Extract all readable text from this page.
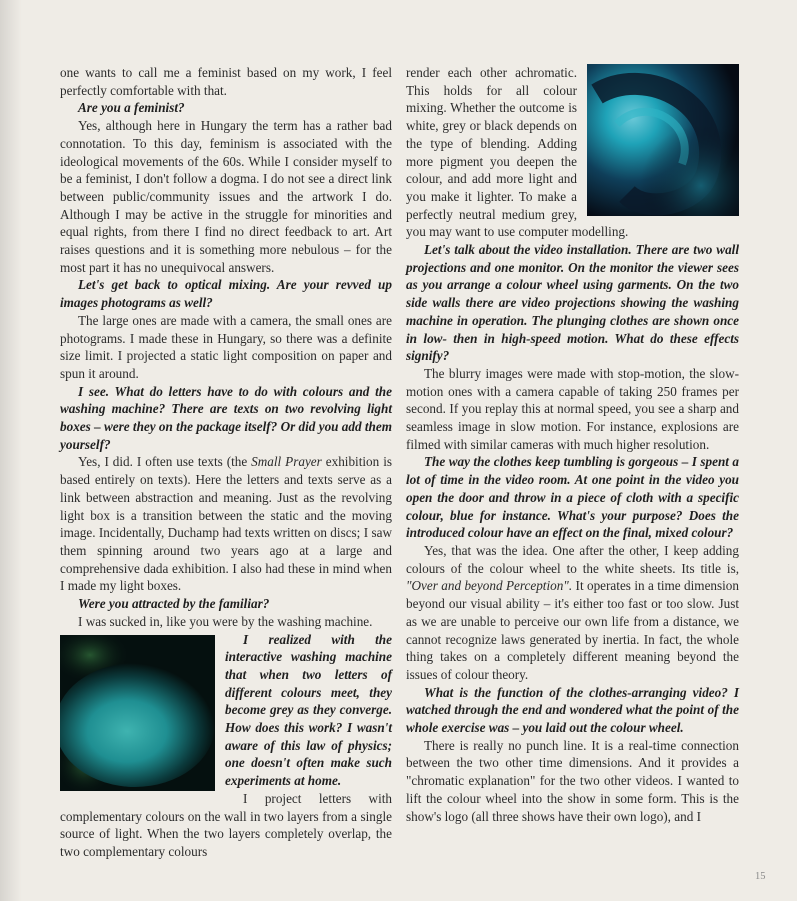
one wants to call me a feminist based on my work, I feel perfectly comfortable with that.

Are you a feminist?

Yes, although here in Hungary the term has a rather bad connotation. To this day, feminism is associated with the ideological movements of the 60s. While I consider myself to be a feminist, I don't follow a dogma. I do not see a direct link between public/community issues and the artwork I do. Although I may be active in the struggle for minorities and equal rights, from there I find no direct feedback to art. Art raises questions and it is something more nebulous – for the most part it has no unequivocal answers.

Let's get back to optical mixing. Are your revved up images photograms as well?

The large ones are made with a camera, the small ones are photograms. I made these in Hungary, so there was a definite size limit. I projected a static light composition on paper and spun it around.

I see. What do letters have to do with colours and the washing machine? There are texts on two revolving light boxes – were they on the package itself? Or did you add them yourself?

Yes, I did. I often use texts (the Small Prayer exhibition is based entirely on texts). Here the letters and texts serve as a link between abstraction and meaning. Just as the revolving light box is a transition between the static and the moving image. Incidentally, Duchamp had texts written on discs; I saw them spinning around two years ago at a large and comprehensive dada exhibition. I also had these in mind when I made my light boxes.

Were you attracted by the familiar?

I was sucked in, like you were by the washing machine.

I realized with the interactive washing machine that when two letters of different colours meet, they become grey as they converge. How does this work? I wasn't aware of this law of physics; one doesn't often make such experiments at home.

I project letters with complementary colours on the wall in two layers from a single source of light. When the two layers completely overlap, the two complementary colours

render each other achromatic. This holds for all colour mixing. Whether the outcome is white, grey or black depends on the type of blending. Adding more pigment you deepen the colour, and add more light and you make it lighter. To make a perfectly neutral medium grey, you may want to use computer modelling.

Let's talk about the video installation. There are two wall projections and one monitor. On the monitor the viewer sees as you arrange a colour wheel using garments. On the two side walls there are video projections showing the washing machine in operation. The plunging clothes are shown once in low- then in high-speed motion. What do these effects signify?

The blurry images were made with stop-motion, the slow-motion ones with a camera capable of taking 250 frames per second. If you replay this at normal speed, you see a sharp and seamless image in slow motion. For instance, explosions are filmed with similar cameras with much higher resolution.

The way the clothes keep tumbling is gorgeous – I spent a lot of time in the video room. At one point in the video you open the door and throw in a piece of cloth with a specific colour, blue for instance. What's your purpose? Does the introduced colour have an effect on the final, mixed colour?

Yes, that was the idea. One after the other, I keep adding colours of the colour wheel to the white sheets. Its title is, "Over and beyond Perception". It operates in a time dimension beyond our visual ability – it's either too fast or too slow. Just as we are unable to perceive our own life from a distance, we cannot recognize laws generated by inertia. In fact, the whole thing takes on a completely different meaning beyond the issues of colour theory.

What is the function of the clothes-arranging video? I watched through the end and wondered what the point of the whole exercise was – you laid out the colour wheel.

There is really no punch line. It is a real-time connection between the two other time dimensions. And it provides a "chromatic explanation" for the two other videos. I wanted to lift the colour wheel into the show in some form. This is the show's logo (all three shows have their own logo), and I

15
